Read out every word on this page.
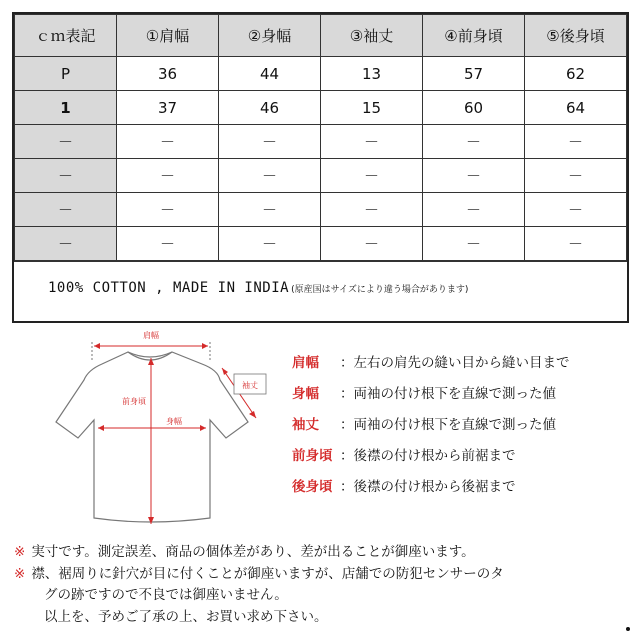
ｃｍ表記	①肩幅	②身幅	③袖丈	④前身頃	⑤後身頃
P	36	44	13	57	62
1	37	46	15	60	64
－	－	－	－	－	－
－	－	－	－	－	－
－	－	－	－	－	－
－	－	－	－	－	－
100% COTTON , MADE IN INDIA (原産国はサイズにより違う場合があります)
肩幅
袖丈
前身頃
身幅
肩幅 ：左右の肩先の縫い目から縫い目まで
身幅	：両袖の付け根下を直線で測った値
袖丈	：両袖の付け根下を直線で測った値
前身頃 ：後襟の付け根から前裾まで
後身頃 ：後襟の付け根から後裾まで
※ 実寸です。測定誤差、商品の個体差があり、差が出ることが御座います。
※ 襟、裾周りに針穴が目に付くことが御座いますが、店舗での防犯センサーのタ
グの跡ですので不良では御座いません。
以上を、予めご了承の上、お買い求め下さい。
